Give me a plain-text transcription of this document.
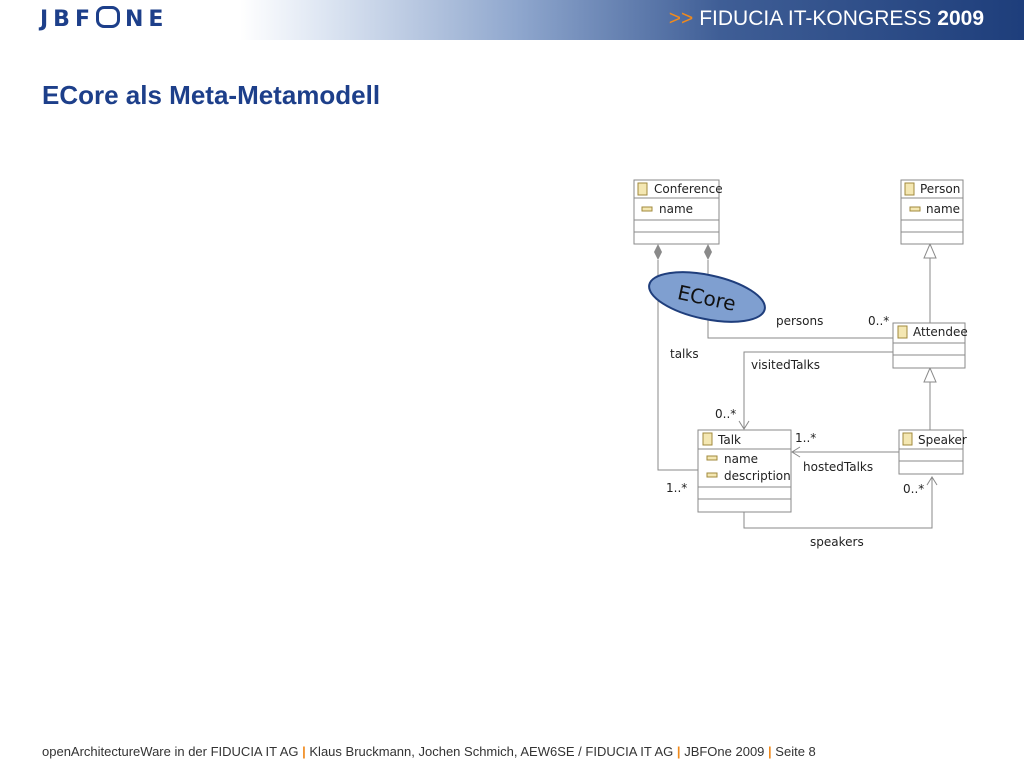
JBF NE	>> FIDUCIA IT-KONGRESS 2009
ECore als Meta-Metamodell
Conference
name
Person
name
Attendee
Talk
name
description
Speaker
persons	0..*
talks
1..*
visitedTalks
0..*
hostedTalks
1..*
speakers
0..*
ECore
openArchitectureWare in der FIDUCIA IT AG | Klaus Bruckmann, Jochen Schmich, AEW6SE / FIDUCIA IT AG | JBFOne 2009 | Seite 8
